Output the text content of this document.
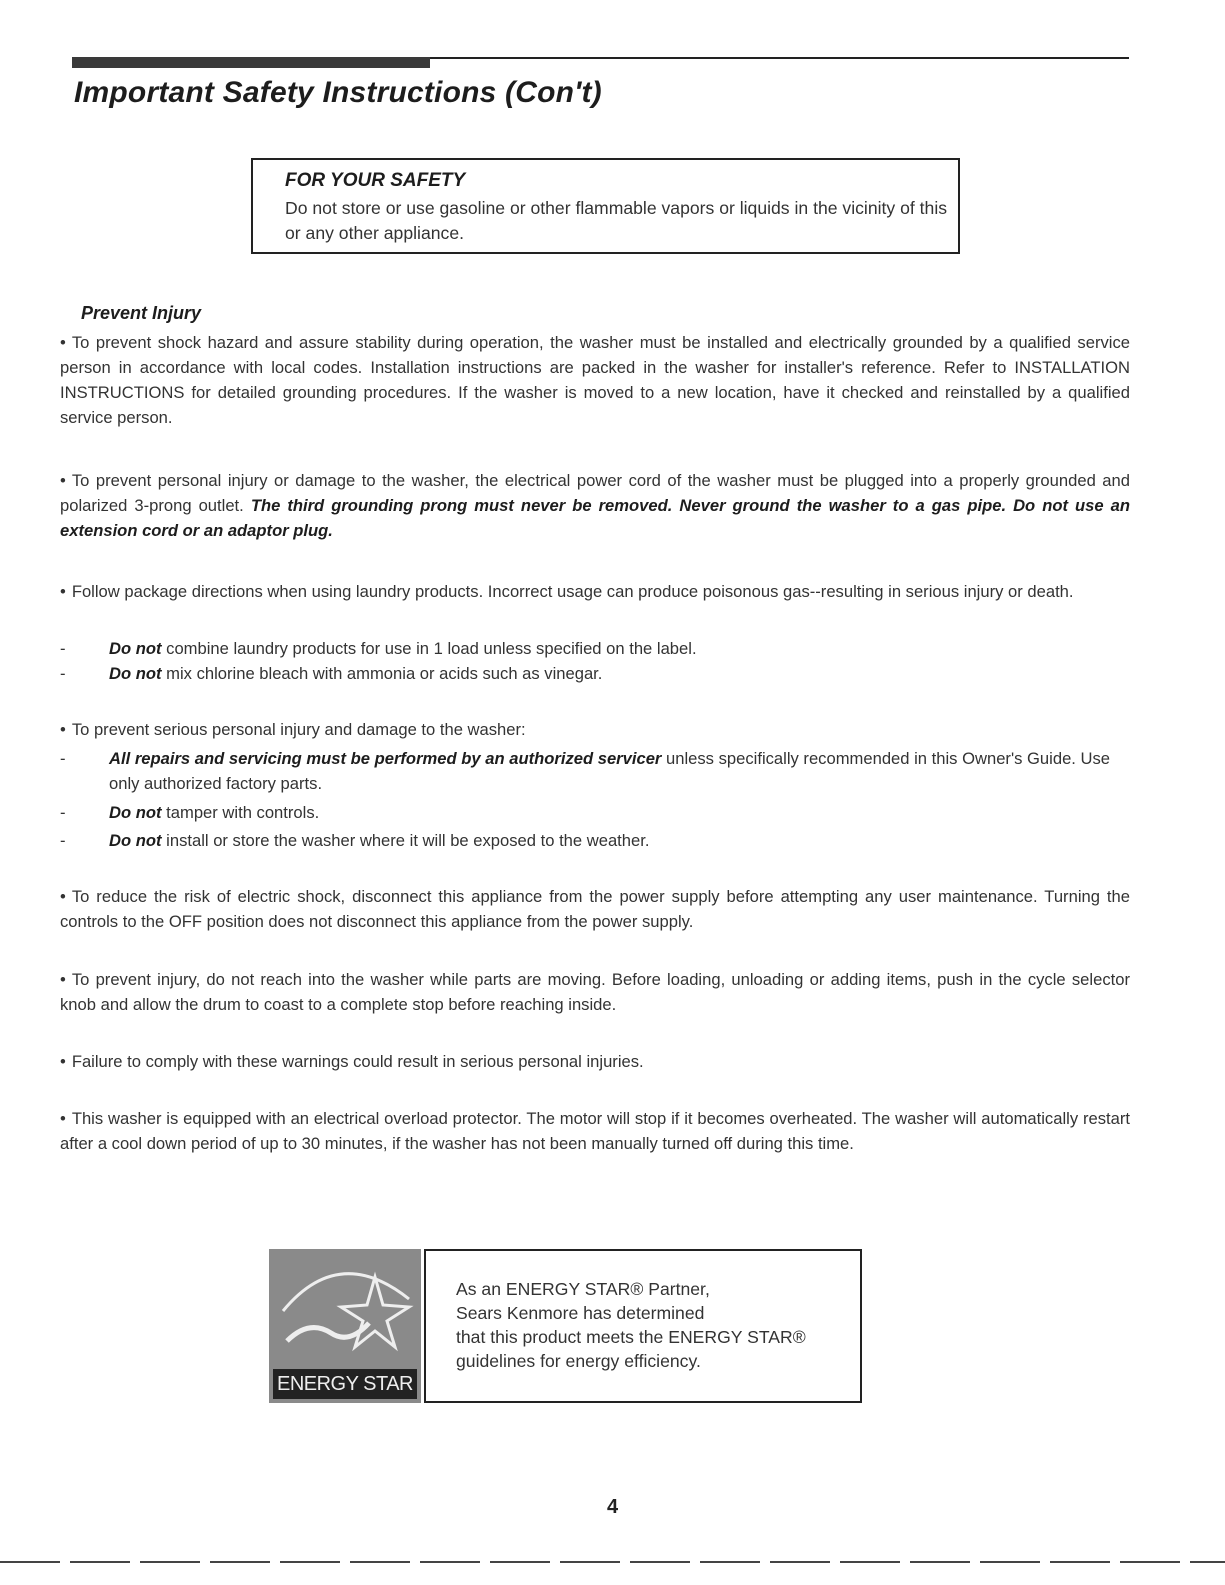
Important Safety Instructions (Con't)
FOR YOUR SAFETY
Do not store or use gasoline or other flammable vapors or liquids in the vicinity of this or any other appliance.
Prevent Injury

• To prevent shock hazard and assure stability during operation, the washer must be installed and electrically grounded by a qualified service person in accordance with local codes. Installation instructions are packed in the washer for installer's reference. Refer to INSTALLATION INSTRUCTIONS for detailed grounding procedures. If the washer is moved to a new location, have it checked and reinstalled by a qualified service person.

• To prevent personal injury or damage to the washer, the electrical power cord of the washer must be plugged into a properly grounded and polarized 3-prong outlet. The third grounding prong must never be removed. Never ground the washer to a gas pipe. Do not use an extension cord or an adaptor plug.

• Follow package directions when using laundry products. Incorrect usage can produce poisonous gas--resulting in serious injury or death.

-	Do not combine laundry products for use in 1 load unless specified on the label.
-	Do not mix chlorine bleach with ammonia or acids such as vinegar.

• To prevent serious personal injury and damage to the washer:

-	All repairs and servicing must be performed by an authorized servicer unless specifically recommended in this Owner's Guide. Use only authorized factory parts.
-	Do not tamper with controls.
-	Do not install or store the washer where it will be exposed to the weather.

• To reduce the risk of electric shock, disconnect this appliance from the power supply before attempting any user maintenance. Turning the controls to the OFF position does not disconnect this appliance from the power supply.

• To prevent injury, do not reach into the washer while parts are moving. Before loading, unloading or adding items, push in the cycle selector knob and allow the drum to coast to a complete stop before reaching inside.

• Failure to comply with these warnings could result in serious personal injuries.

• This washer is equipped with an electrical overload protector. The motor will stop if it becomes overheated. The washer will automatically restart after a cool down period of up to 30 minutes, if the washer has not been manually turned off during this time.

ENERGY STAR
As an ENERGY STAR® Partner,
Sears Kenmore has determined
that this product meets the ENERGY STAR®
guidelines for energy efficiency.
4
